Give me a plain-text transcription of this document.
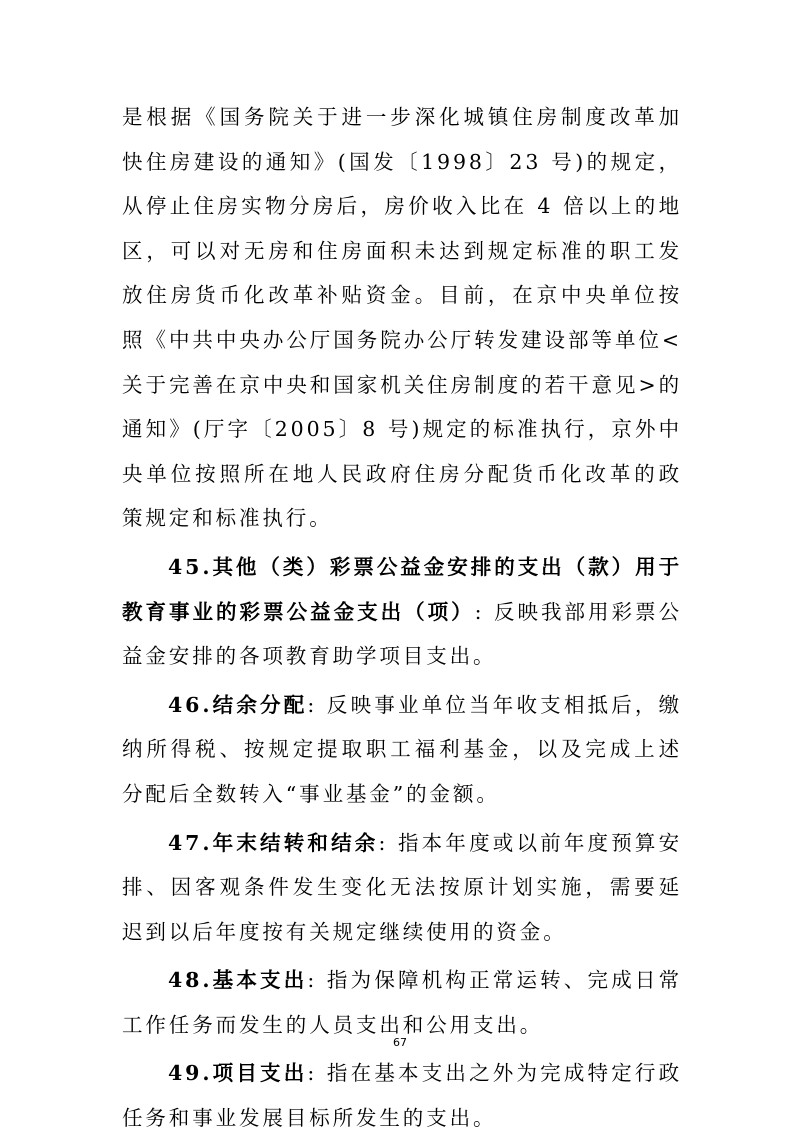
是根据《国务院关于进一步深化城镇住房制度改革加快住房建设的通知》(国发〔1998〕23 号)的规定，从停止住房实物分房后，房价收入比在 4 倍以上的地区，可以对无房和住房面积未达到规定标准的职工发放住房货币化改革补贴资金。目前，在京中央单位按照《中共中央办公厅国务院办公厅转发建设部等单位<关于完善在京中央和国家机关住房制度的若干意见>的通知》(厅字〔2005〕8 号)规定的标准执行，京外中央单位按照所在地人民政府住房分配货币化改革的政策规定和标准执行。

45.其他（类）彩票公益金安排的支出（款）用于教育事业的彩票公益金支出（项）: 反映我部用彩票公益金安排的各项教育助学项目支出。

46.结余分配: 反映事业单位当年收支相抵后，缴纳所得税、按规定提取职工福利基金，以及完成上述分配后全数转入“事业基金”的金额。

47.年末结转和结余: 指本年度或以前年度预算安排、因客观条件发生变化无法按原计划实施，需要延迟到以后年度按有关规定继续使用的资金。

48.基本支出: 指为保障机构正常运转、完成日常工作任务而发生的人员支出和公用支出。

49.项目支出: 指在基本支出之外为完成特定行政任务和事业发展目标所发生的支出。

67
